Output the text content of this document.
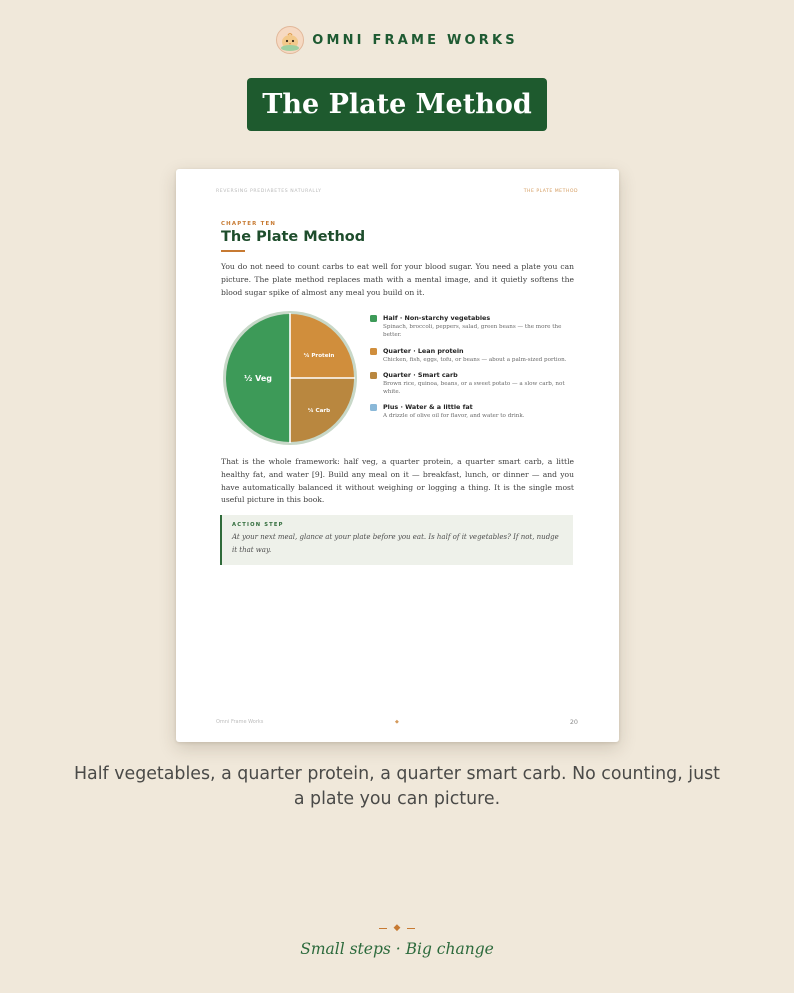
OMNI FRAME WORKS
The Plate Method
REVERSING PREDIABETES NATURALLY	THE PLATE METHOD
CHAPTER TEN
The Plate Method

You do not need to count carbs to eat well for your blood sugar. You need a plate you can picture. The plate method replaces math with a mental image, and it quietly softens the blood sugar spike of almost any meal you build on it.

½ Veg
¼ Protein
¼ Carb
Half · Non-starchy vegetables
Spinach, broccoli, peppers, salad, green beans — the more the better.
Quarter · Lean protein
Chicken, fish, eggs, tofu, or beans — about a palm-sized portion.
Quarter · Smart carb
Brown rice, quinoa, beans, or a sweet potato — a slow carb, not white.
Plus · Water & a little fat
A drizzle of olive oil for flavor, and water to drink.

That is the whole framework: half veg, a quarter protein, a quarter smart carb, a little healthy fat, and water [9]. Build any meal on it — breakfast, lunch, or dinner — and you have automatically balanced it without weighing or logging a thing. It is the single most useful picture in this book.

ACTION STEP
At your next meal, glance at your plate before you eat. Is half of it vegetables? If not, nudge it that way.
Omni Frame Works	◆	20
Half vegetables, a quarter protein, a quarter smart carb. No counting, just a plate you can picture.
◆
Small steps · Big change
